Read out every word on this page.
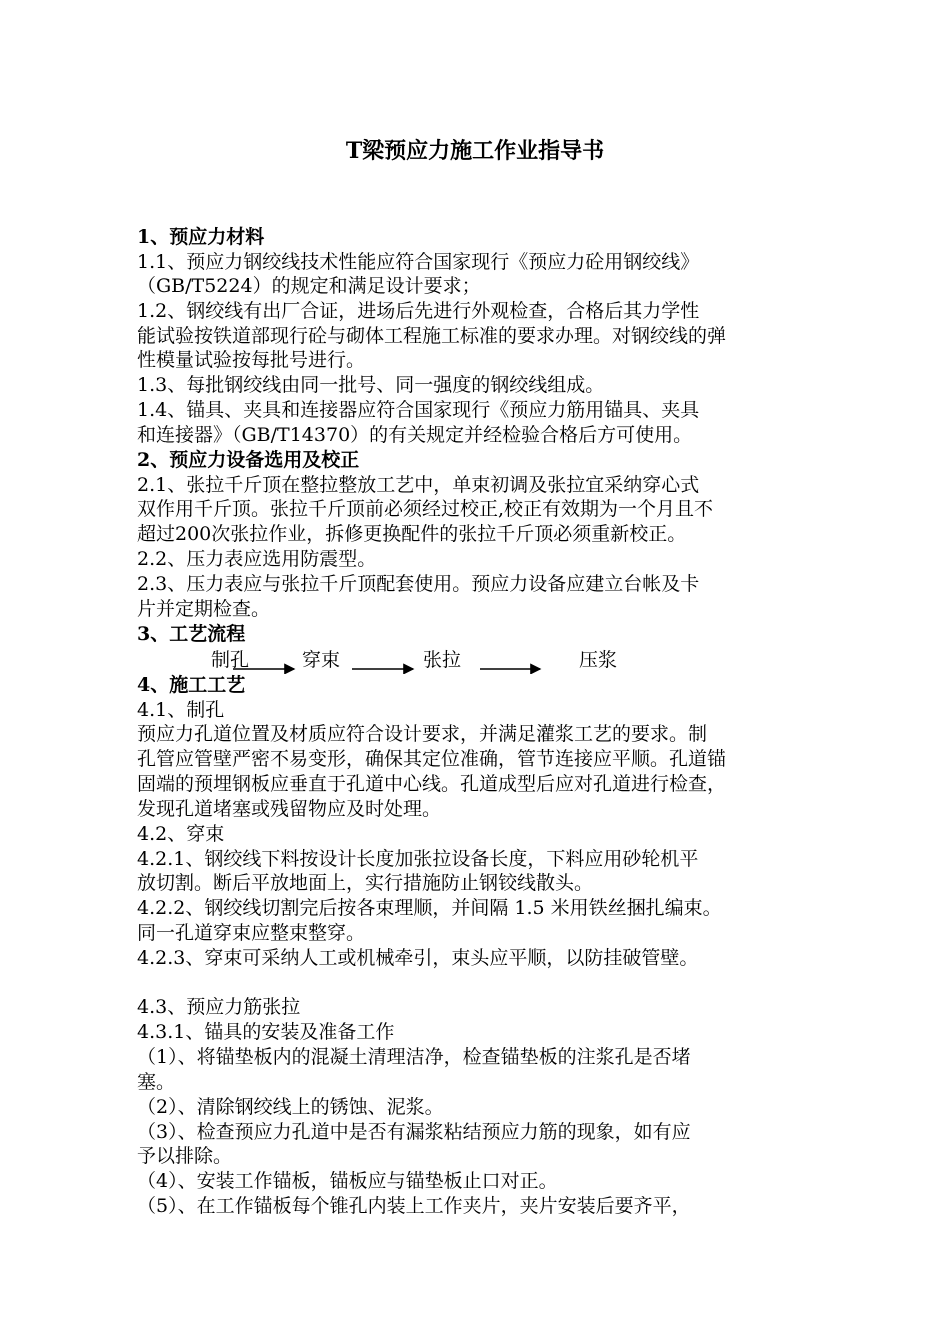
T梁预应力施工作业指导书
1、预应力材料
1.1、预应力钢绞线技术性能应符合国家现行《预应力砼用钢绞线》
（GB/T5224）的规定和满足设计要求；
1.2、钢绞线有出厂合证，进场后先进行外观检查，合格后其力学性
能试验按铁道部现行砼与砌体工程施工标准的要求办理。对钢绞线的弹
性模量试验按每批号进行。
1.3、每批钢绞线由同一批号、同一强度的钢绞线组成。
1.4、锚具、夹具和连接器应符合国家现行《预应力筋用锚具、夹具
和连接器》（GB/T14370）的有关规定并经检验合格后方可使用。
2、预应力设备选用及校正
2.1、张拉千斤顶在整拉整放工艺中，单束初调及张拉宜采纳穿心式
双作用千斤顶。张拉千斤顶前必须经过校正,校正有效期为一个月且不
超过200次张拉作业，拆修更换配件的张拉千斤顶必须重新校正。
2.2、压力表应选用防震型。
2.3、压力表应与张拉千斤顶配套使用。预应力设备应建立台帐及卡
片并定期检查。
3、工艺流程
制孔	穿束	张拉	压浆
4、施工工艺
4.1、制孔
预应力孔道位置及材质应符合设计要求，并满足灌浆工艺的要求。制
孔管应管壁严密不易变形，确保其定位准确，管节连接应平顺。孔道锚
固端的预埋钢板应垂直于孔道中心线。孔道成型后应对孔道进行检查，
发现孔道堵塞或残留物应及时处理。
4.2、穿束
4.2.1、钢绞线下料按设计长度加张拉设备长度，下料应用砂轮机平
放切割。断后平放地面上，实行措施防止钢铰线散头。
4.2.2、钢绞线切割完后按各束理顺，并间隔 1.5 米用铁丝捆扎编束。
同一孔道穿束应整束整穿。
4.2.3、穿束可采纳人工或机械牵引，束头应平顺，以防挂破管壁。
4.3、预应力筋张拉
4.3.1、锚具的安装及准备工作
（1）、将锚垫板内的混凝土清理洁净，检查锚垫板的注浆孔是否堵
塞。
（2）、清除钢绞线上的锈蚀、泥浆。
（3）、检查预应力孔道中是否有漏浆粘结预应力筋的现象，如有应
予以排除。
（4）、安装工作锚板，锚板应与锚垫板止口对正。
（5）、在工作锚板每个锥孔内装上工作夹片，夹片安装后要齐平，
